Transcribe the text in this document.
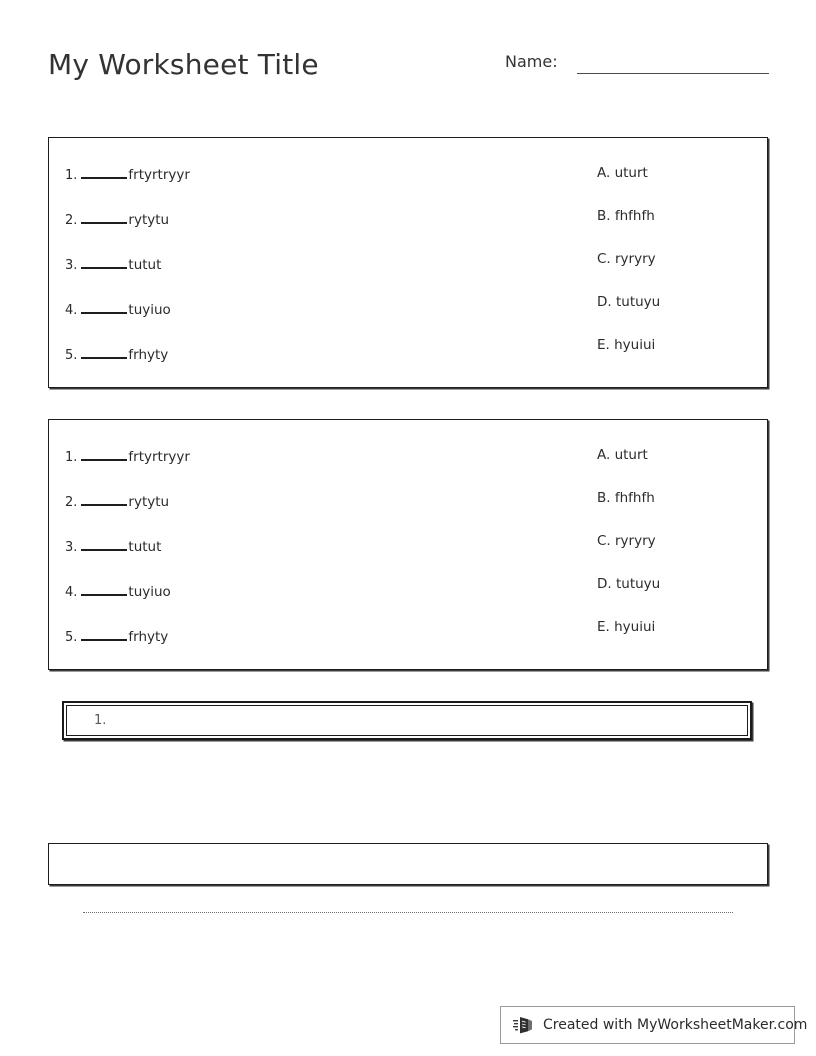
My Worksheet Title	Name:
1.	frtyrtryyr
2.	rytytu
3.	tutut
4.	tuyiuo
5.	frhyty
A. uturt
B. fhfhfh
C. ryryry
D. tutuyu
E. hyuiui
1.	frtyrtryyr
2.	rytytu
3.	tutut
4.	tuyiuo
5.	frhyty
A. uturt
B. fhfhfh
C. ryryry
D. tutuyu
E. hyuiui
1.
Created with MyWorksheetMaker.com
